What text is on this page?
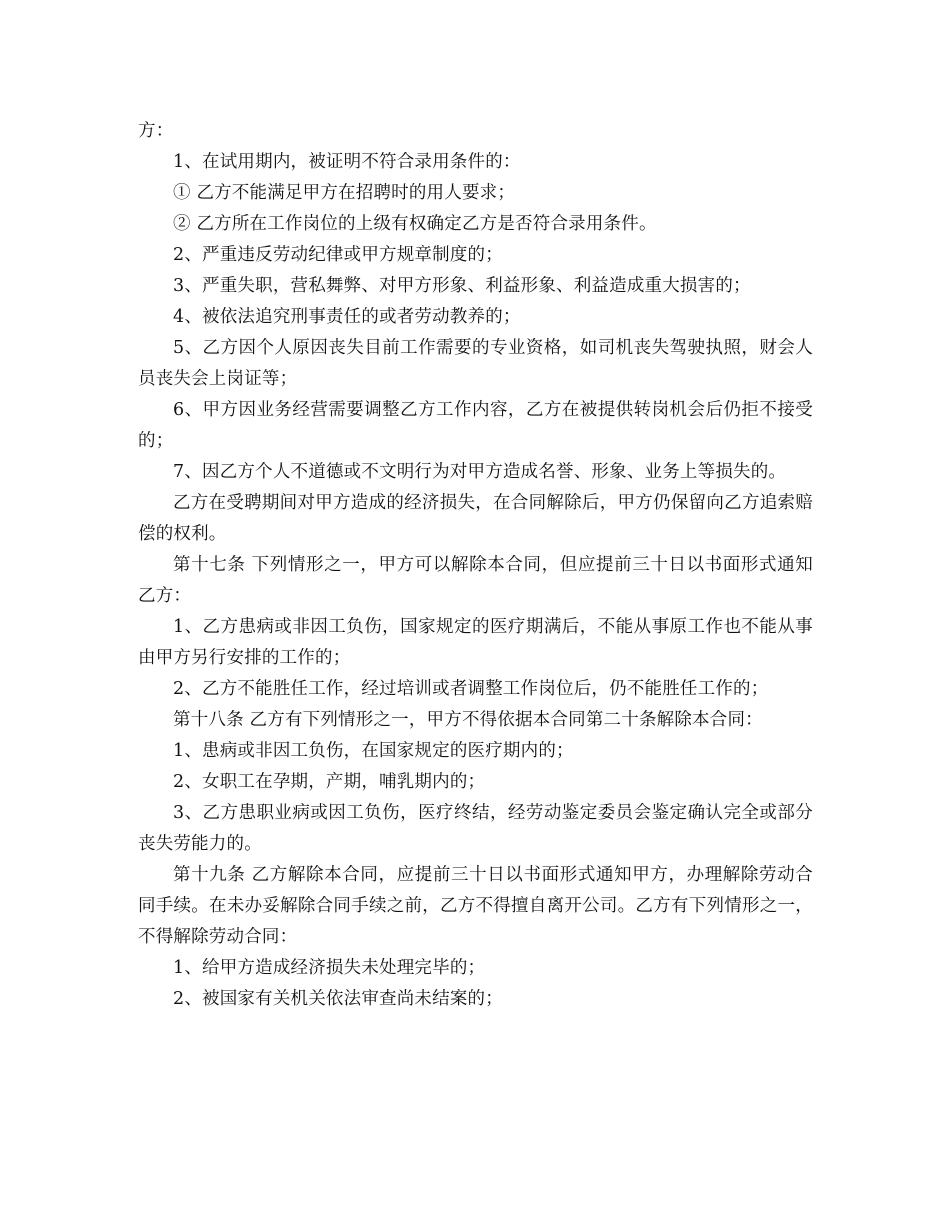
方：

1、在试用期内，被证明不符合录用条件的：

① 乙方不能满足甲方在招聘时的用人要求；

② 乙方所在工作岗位的上级有权确定乙方是否符合录用条件。

2、严重违反劳动纪律或甲方规章制度的；

3、严重失职，营私舞弊、对甲方形象、利益形象、利益造成重大损害的；

4、被依法追究刑事责任的或者劳动教养的；

5、乙方因个人原因丧失目前工作需要的专业资格，如司机丧失驾驶执照，财会人员丧失会上岗证等；

6、甲方因业务经营需要调整乙方工作内容，乙方在被提供转岗机会后仍拒不接受的；

7、因乙方个人不道德或不文明行为对甲方造成名誉、形象、业务上等损失的。

乙方在受聘期间对甲方造成的经济损失，在合同解除后，甲方仍保留向乙方追索赔偿的权利。

第十七条 下列情形之一，甲方可以解除本合同，但应提前三十日以书面形式通知乙方：

1、乙方患病或非因工负伤，国家规定的医疗期满后，不能从事原工作也不能从事由甲方另行安排的工作的；

2、乙方不能胜任工作，经过培训或者调整工作岗位后，仍不能胜任工作的；

第十八条 乙方有下列情形之一，甲方不得依据本合同第二十条解除本合同：

1、患病或非因工负伤，在国家规定的医疗期内的；

2、女职工在孕期，产期，哺乳期内的；

3、乙方患职业病或因工负伤，医疗终结，经劳动鉴定委员会鉴定确认完全或部分丧失劳能力的。

第十九条 乙方解除本合同，应提前三十日以书面形式通知甲方，办理解除劳动合同手续。在未办妥解除合同手续之前，乙方不得擅自离开公司。乙方有下列情形之一，不得解除劳动合同：

1、给甲方造成经济损失未处理完毕的；

2、被国家有关机关依法审查尚未结案的；
